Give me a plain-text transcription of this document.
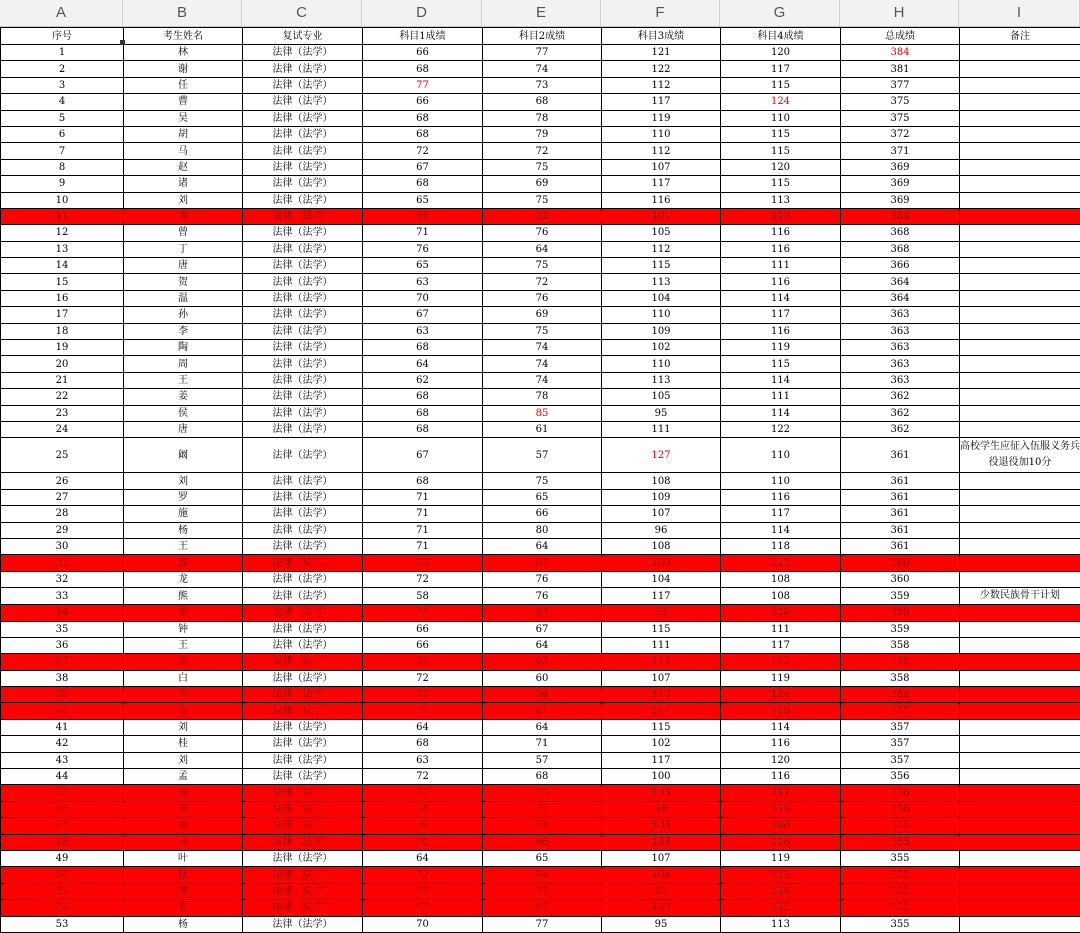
A	B	C	D	E	F	G	H	I
序号	考生姓名	复试专业	科目1成绩	科目2成绩	科目3成绩	科目4成绩	总成绩	备注
1	林	法律（法学）	66	77	121	120	384	
2	谢	法律（法学）	68	74	122	117	381	
3	任	法律（法学）	77	73	112	115	377	
4	曹	法律（法学）	66	68	117	124	375	
5	吴	法律（法学）	68	78	119	110	375	
6	胡	法律（法学）	68	79	110	115	372	
7	马	法律（法学）	72	72	112	115	371	
8	赵	法律（法学）	67	75	107	120	369	
9	诸	法律（法学）	68	69	117	115	369	
10	刘	法律（法学）	65	75	116	113	369	
11	廖	法律（法学）	66	82	101	119	368	
12	曾	法律（法学）	71	76	105	116	368	
13	丁	法律（法学）	76	64	112	116	368	
14	唐	法律（法学）	65	75	115	111	366	
15	贺	法律（法学）	63	72	113	116	364	
16	温	法律（法学）	70	76	104	114	364	
17	孙	法律（法学）	67	69	110	117	363	
18	李	法律（法学）	63	75	109	116	363	
19	陶	法律（法学）	68	74	102	119	363	
20	周	法律（法学）	64	74	110	115	363	
21	王	法律（法学）	62	74	113	114	363	
22	姜	法律（法学）	68	78	105	111	362	
23	侯	法律（法学）	68	85	95	114	362	
24	唐	法律（法学）	68	61	111	122	362	
25	阚	法律（法学）	67	57	127	110	361	高校学生应征入伍服义务兵役退役加10分
26	刘	法律（法学）	68	75	108	110	361	
27	罗	法律（法学）	71	65	109	116	361	
28	施	法律（法学）	71	66	107	117	361	
29	杨	法律（法学）	71	80	96	114	361	
30	王	法律（法学）	71	64	108	118	361	
31	郑	法律（法学）	69	67	109	115	360	
32	龙	法律（法学）	72	76	104	108	360	
33	熊	法律（法学）	58	76	117	108	359	少数民族骨干计划
34	侯	法律（法学）	71	83	95	110	359	
35	钟	法律（法学）	66	67	115	111	359	
36	王	法律（法学）	66	64	111	117	358	
37	李	法律（法学）	59	63	114	122	358	
38	白	法律（法学）	72	60	107	119	358	
39	冯	法律（法学）	70	54	110	124	358	
40	吕	法律（法学）	67	61	111	118	357	
41	刘	法律（法学）	64	64	115	114	357	
42	桂	法律（法学）	68	71	102	116	357	
43	刘	法律（法学）	63	57	117	120	357	
44	孟	法律（法学）	72	68	100	116	356	
45	陈	法律（法学）	67	75	103	111	356	
46	高	法律（法学）	68	71	98	119	356	
47	姚	法律（法学）	69	74	104	108	355	
48	张	法律（法学）	70	66	103	116	355	
49	叶	法律（法学）	64	65	107	119	355	
50	杜	法律（法学）	72	64	104	115	355	
51	周	法律（法学）	69	77	93	116	355	
52	孔	法律（法学）	67	65	108	115	355	
53	杨	法律（法学）	70	77	95	113	355	
